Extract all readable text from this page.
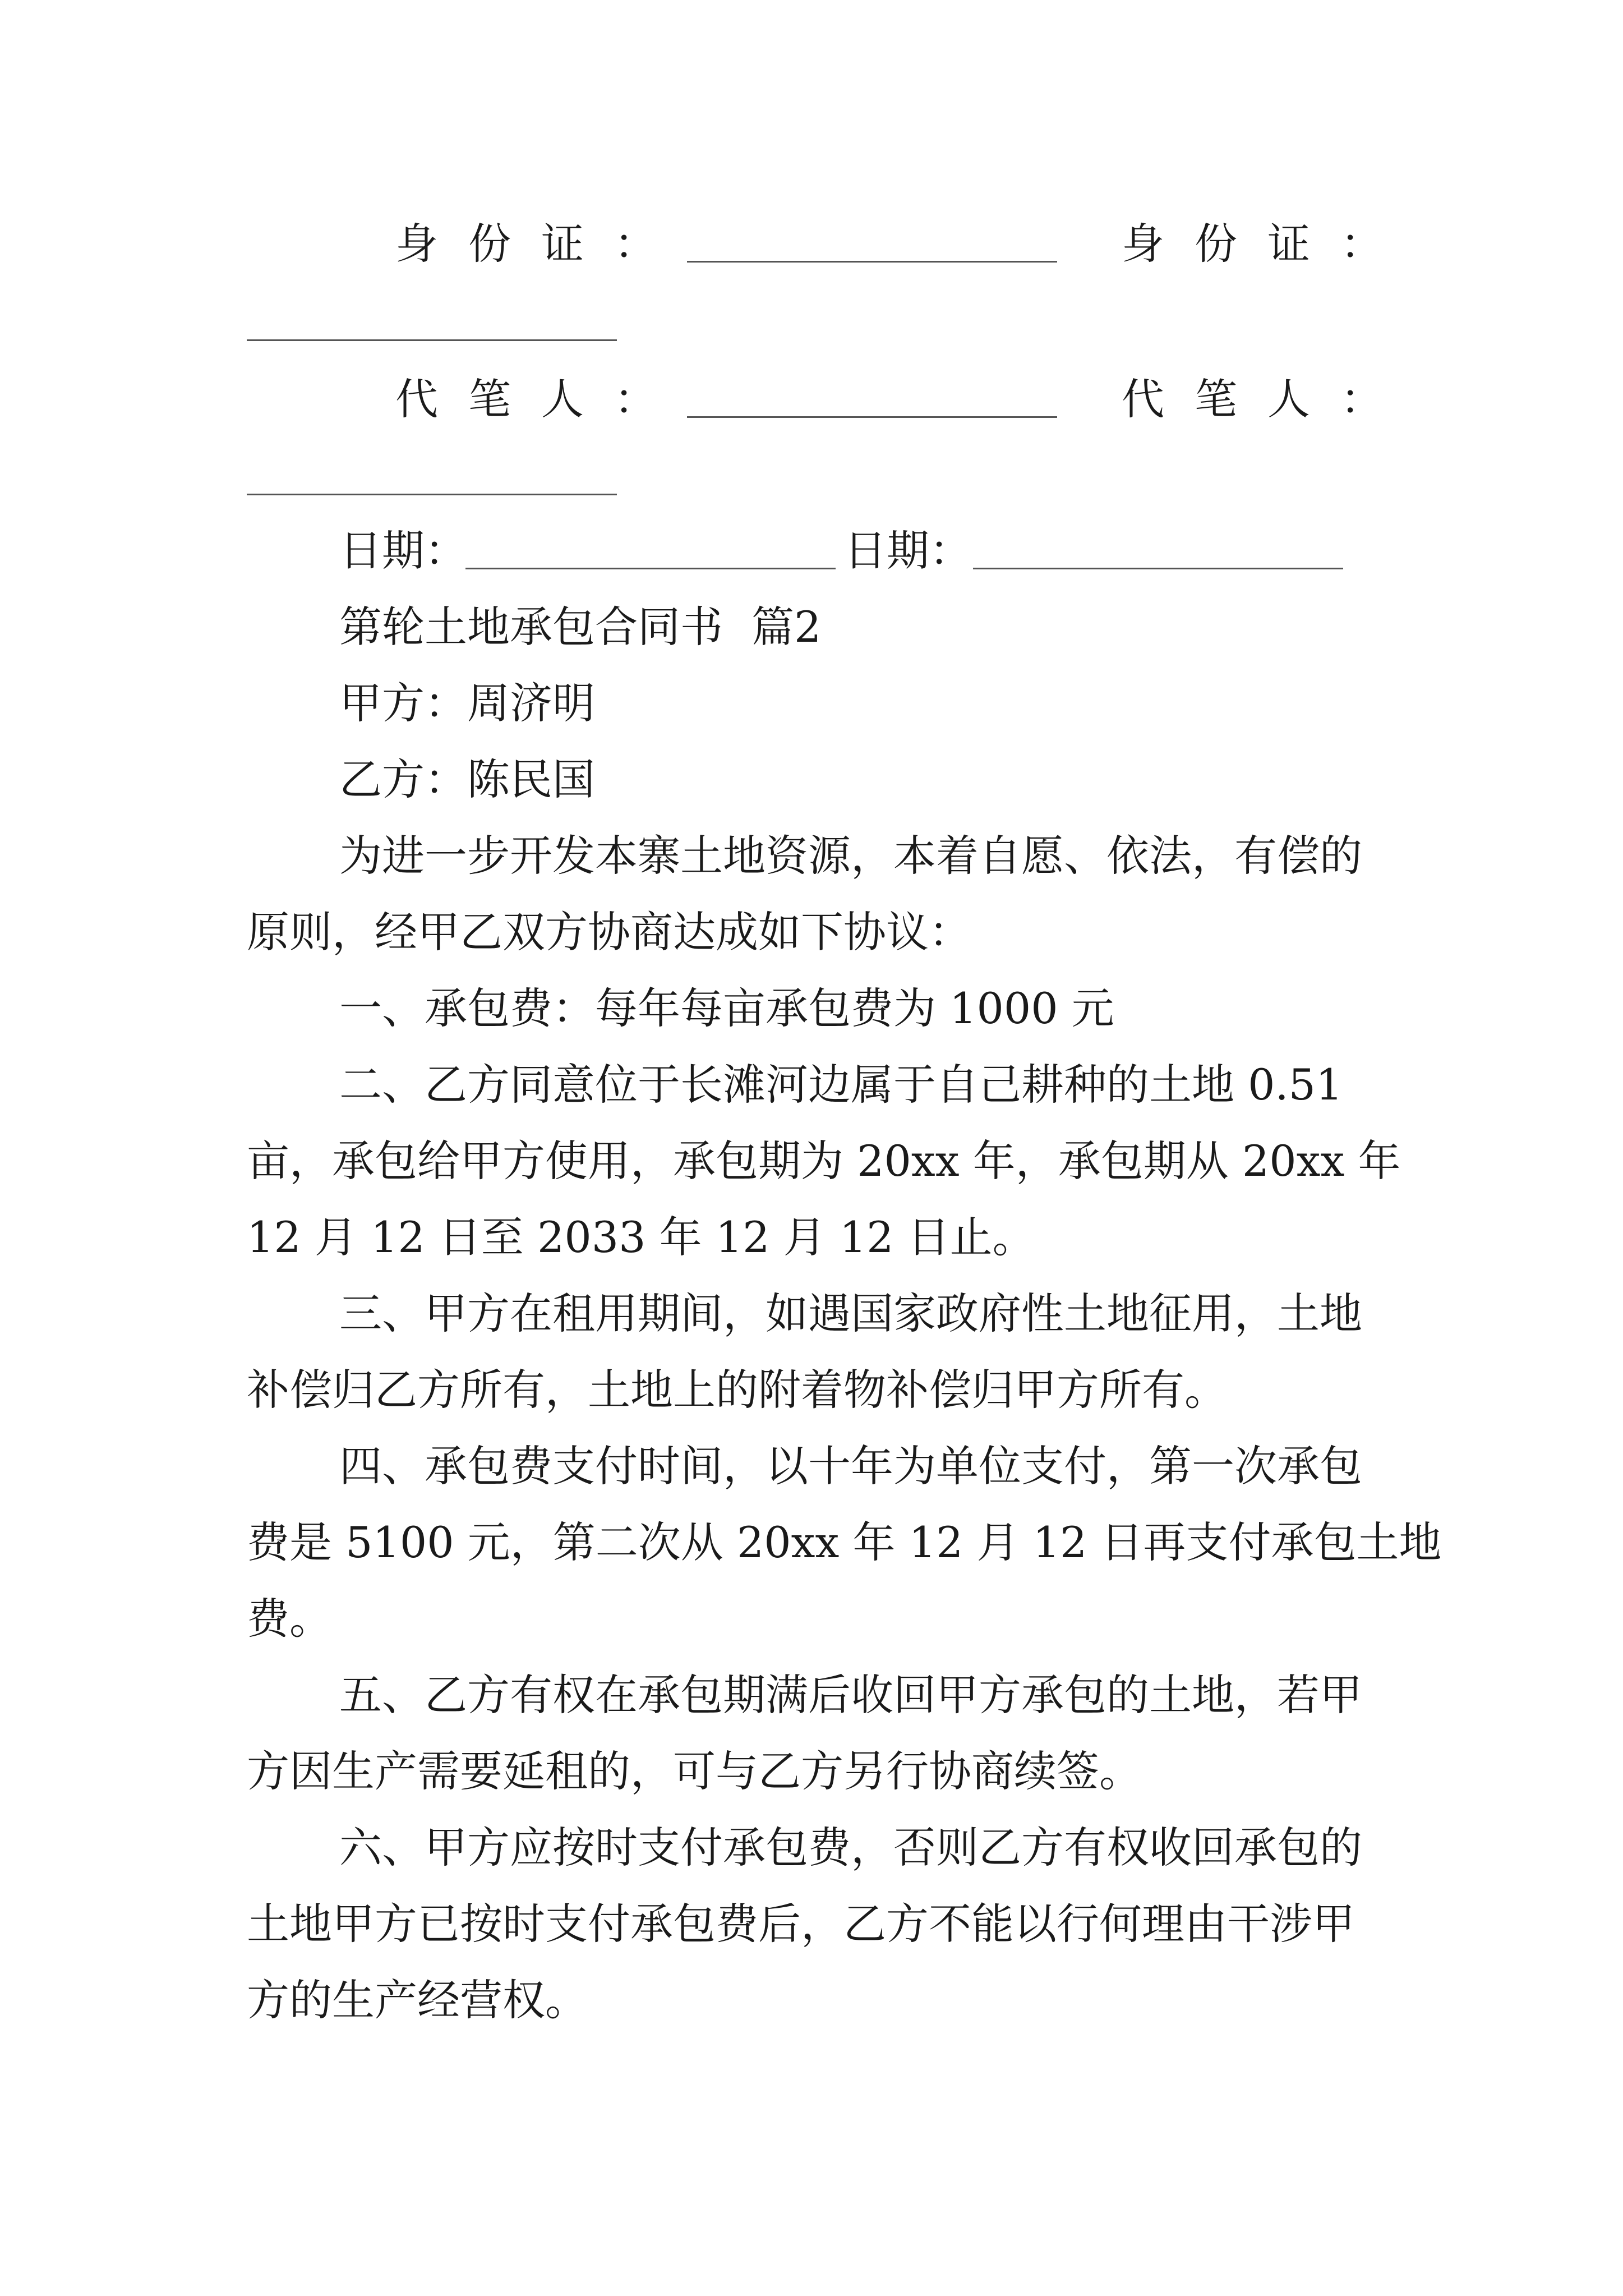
身份证：	身份证：
代笔人：	代笔人：
日期：	日期：
第轮土地承包合同书 篇2
甲方：周济明
乙方：陈民国
为进一步开发本寨土地资源，本着自愿、依法，有偿的
原则，经甲乙双方协商达成如下协议：
一、承包费：每年每亩承包费为 1000 元
二、乙方同意位于长滩河边属于自己耕种的土地 0.51
亩，承包给甲方使用，承包期为 20xx 年，承包期从 20xx 年
12 月 12 日至 2033 年 12 月 12 日止。
三、甲方在租用期间，如遇国家政府性土地征用，土地
补偿归乙方所有，土地上的附着物补偿归甲方所有。
四、承包费支付时间，以十年为单位支付，第一次承包
费是 5100 元，第二次从 20xx 年 12 月 12 日再支付承包土地
费。
五、乙方有权在承包期满后收回甲方承包的土地，若甲
方因生产需要延租的，可与乙方另行协商续签。
六、甲方应按时支付承包费，否则乙方有权收回承包的
土地甲方已按时支付承包费后，乙方不能以行何理由干涉甲
方的生产经营权。
